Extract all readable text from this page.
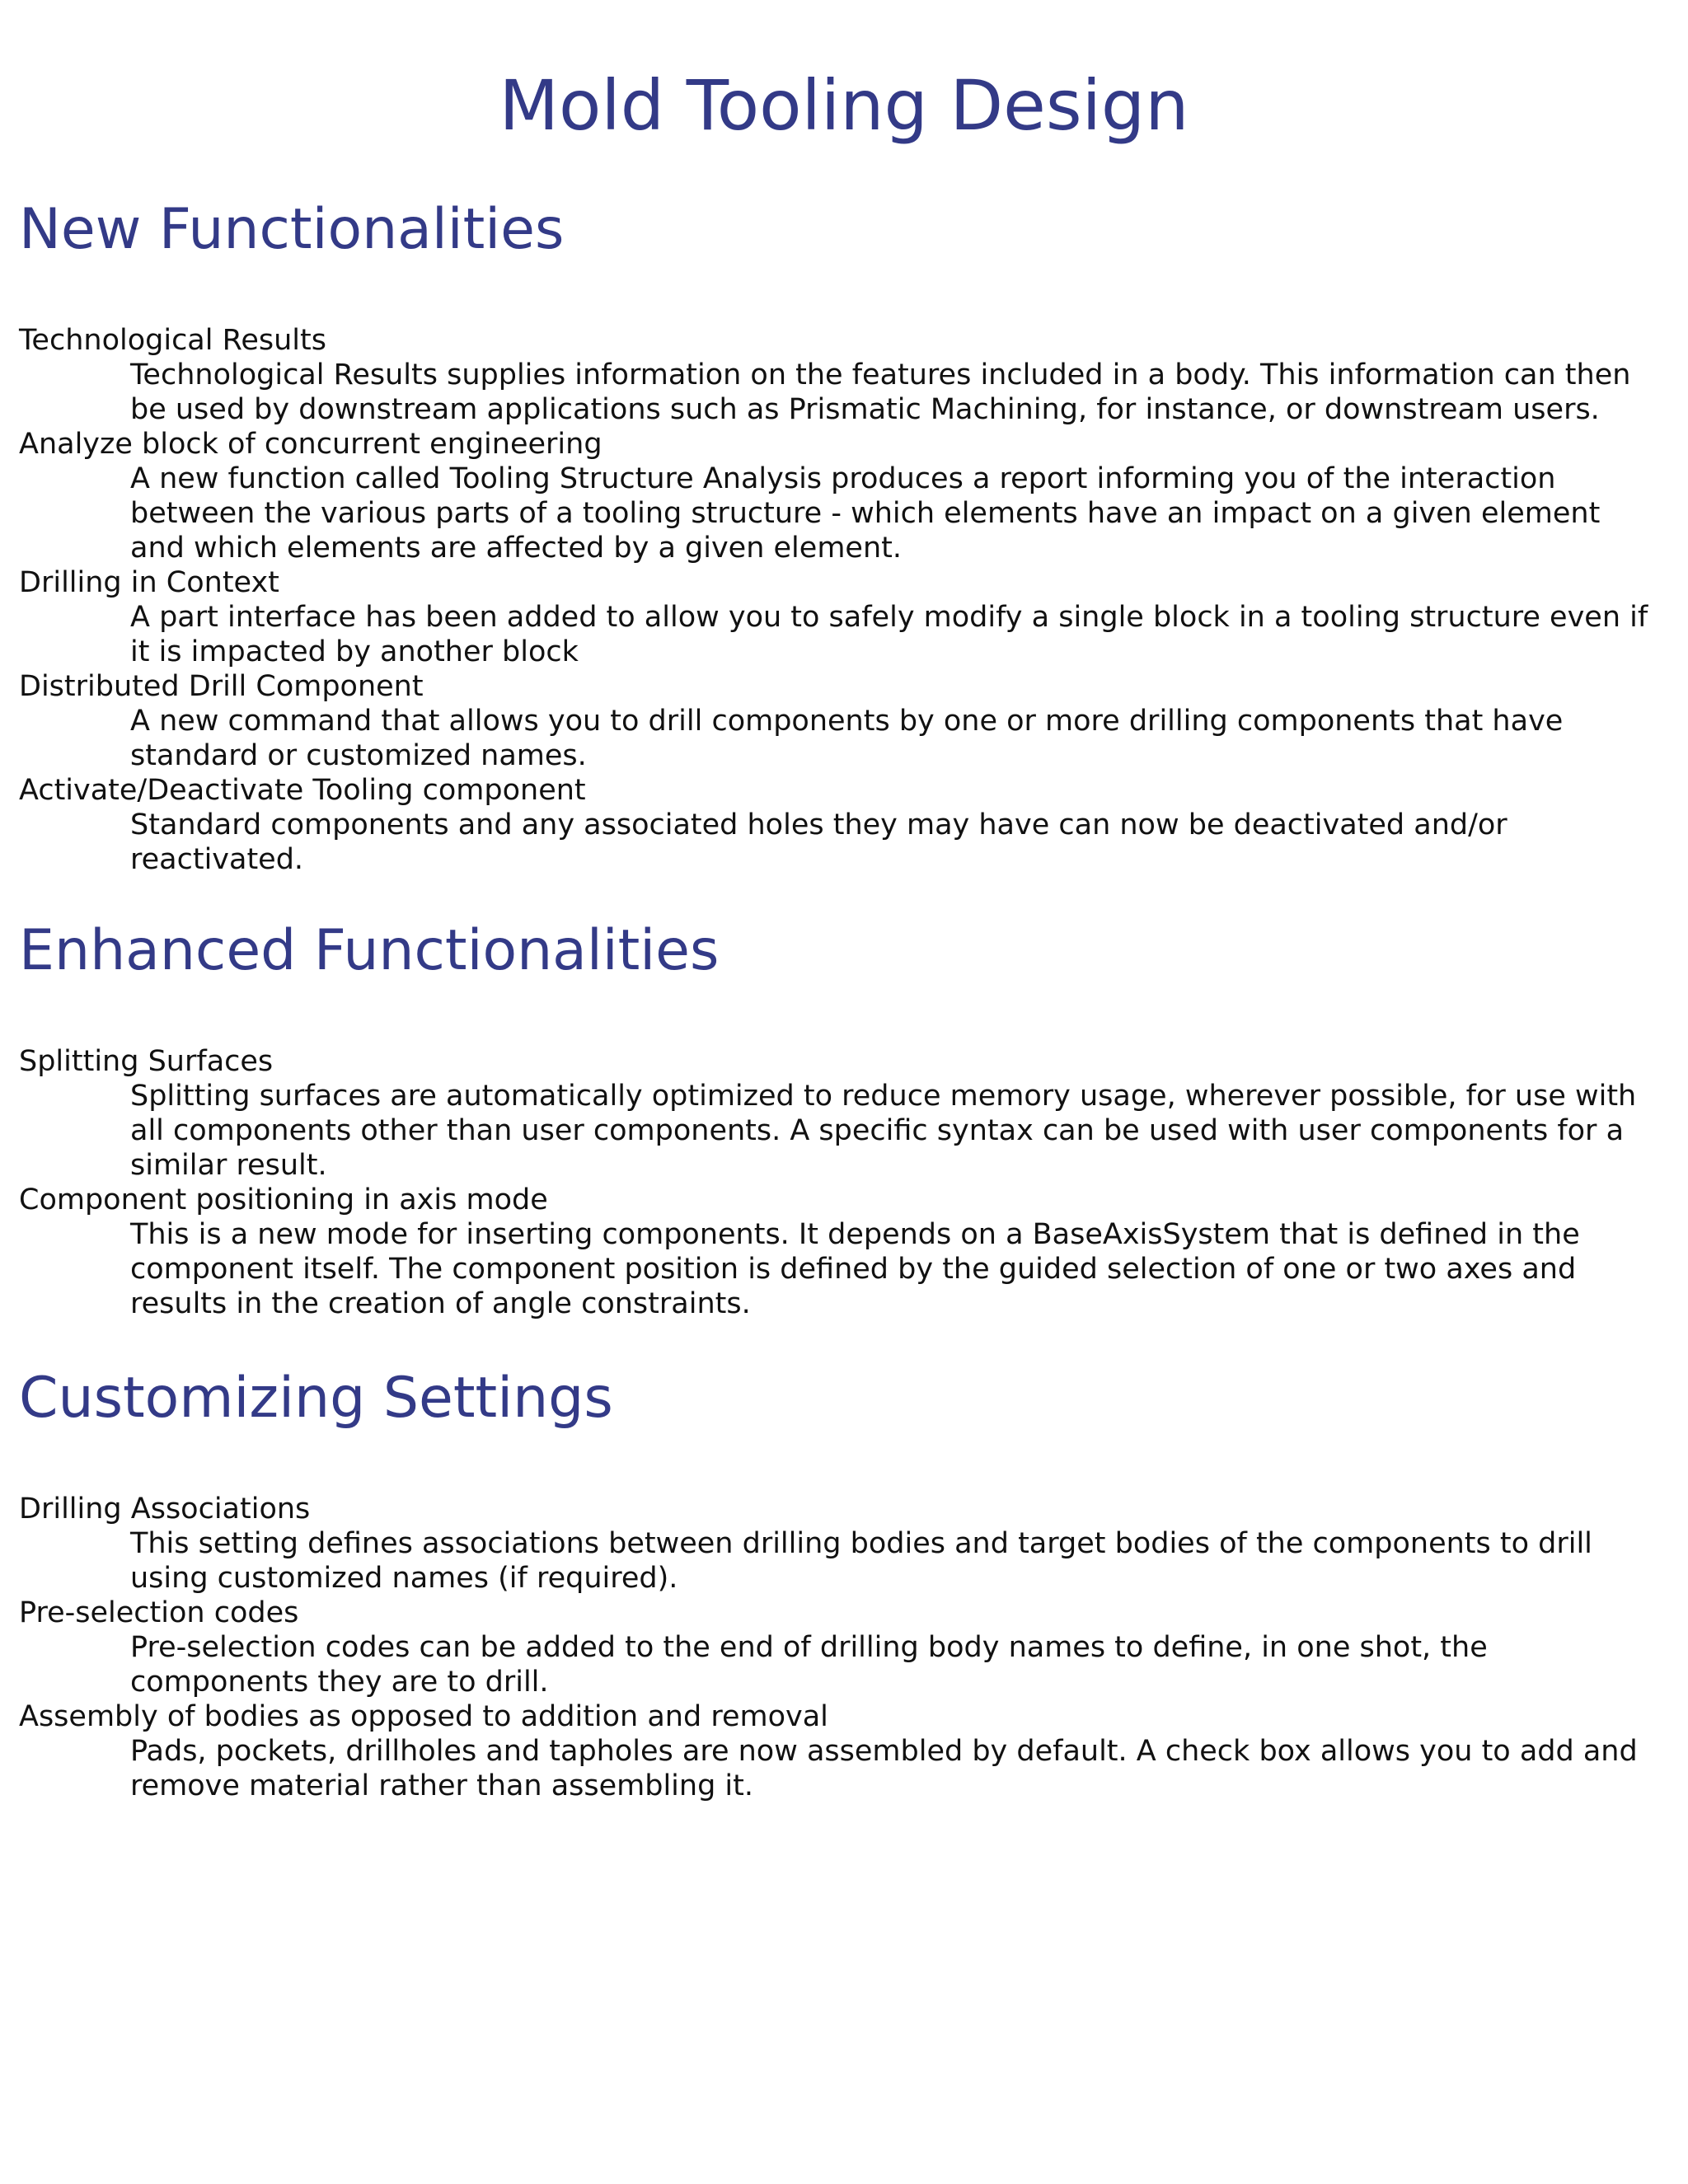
Mold Tooling Design
New Functionalities

Technological Results

Technological Results supplies information on the features included in a body. This information can then

be used by downstream applications such as Prismatic Machining, for instance, or downstream users.

Analyze block of concurrent engineering

A new function called Tooling Structure Analysis produces a report informing you of the interaction

between the various parts of a tooling structure - which elements have an impact on a given element

and which elements are affected by a given element.

Drilling in Context

A part interface has been added to allow you to safely modify a single block in a tooling structure even if

it is impacted by another block

Distributed Drill Component

A new command that allows you to drill components by one or more drilling components that have

standard or customized names.

Activate/Deactivate Tooling component

Standard components and any associated holes they may have can now be deactivated and/or

reactivated.

Enhanced Functionalities

Splitting Surfaces

Splitting surfaces are automatically optimized to reduce memory usage, wherever possible, for use with

all components other than user components. A specific syntax can be used with user components for a

similar result.

Component positioning in axis mode

This is a new mode for inserting components. It depends on a BaseAxisSystem that is defined in the

component itself. The component position is defined by the guided selection of one or two axes and

results in the creation of angle constraints.

Customizing Settings

Drilling Associations

This setting defines associations between drilling bodies and target bodies of the components to drill

using customized names (if required).

Pre-selection codes

Pre-selection codes can be added to the end of drilling body names to define, in one shot, the

components they are to drill.

Assembly of bodies as opposed to addition and removal

Pads, pockets, drillholes and tapholes are now assembled by default. A check box allows you to add and

remove material rather than assembling it.
